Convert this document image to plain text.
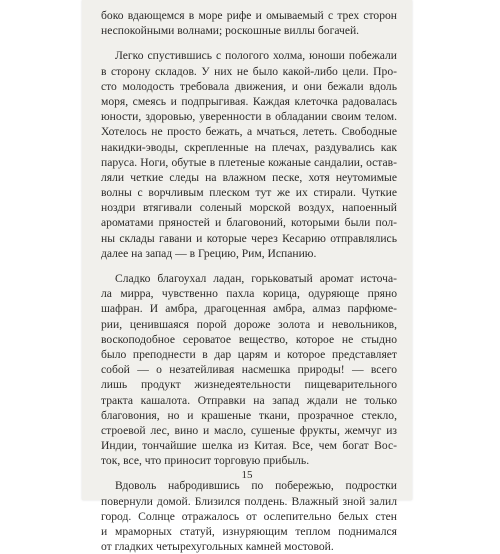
боко вдающемся в море рифе и омываемый с трех сторон
неспокойными волнами; роскошные виллы богачей.
Легко спустившись с пологого холма, юноши побежали
в сторону складов. У них не было какой-либо цели. Про-
сто молодость требовала движения, и они бежали вдоль
моря, смеясь и подпрыгивая. Каждая клеточка радовалась
юности, здоровью, уверенности в обладании своим телом.
Хотелось не просто бежать, а мчаться, лететь. Свободные
накидки-эводы, скрепленные на плечах, раздувались как
паруса. Ноги, обутые в плетеные кожаные сандалии, остав-
ляли четкие следы на влажном песке, хотя неутомимые
волны с ворчливым плеском тут же их стирали. Чуткие
ноздри втягивали соленый морской воздух, напоенный
ароматами пряностей и благовоний, которыми были пол-
ны склады гавани и которые через Кесарию отправлялись
далее на запад — в Грецию, Рим, Испанию.
Сладко благоухал ладан, горьковатый аромат источа-
ла мирра, чувственно пахла корица, одуряюще пряно
шафран. И амбра, драгоценная амбра, алмаз парфюме-
рии, ценившаяся порой дороже золота и невольников,
воскоподобное сероватое вещество, которое не стыдно
было преподнести в дар царям и которое представляет
собой — о незатейливая насмешка природы! — всего
лишь продукт жизнедеятельности пищеварительного
тракта кашалота. Отправки на запад ждали не только
благовония, но и крашеные ткани, прозрачное стекло,
строевой лес, вино и масло, сушеные фрукты, жемчуг из
Индии, тончайшие шелка из Китая. Все, чем богат Вос-
ток, все, что приносит торговую прибыль.
Вдоволь набродившись по побережью, подростки
повернули домой. Близился полдень. Влажный зной залил
город. Солнце отражалось от ослепительно белых стен
и мраморных статуй, изнуряющим теплом поднимался
от гладких четырехугольных камней мостовой.
15
